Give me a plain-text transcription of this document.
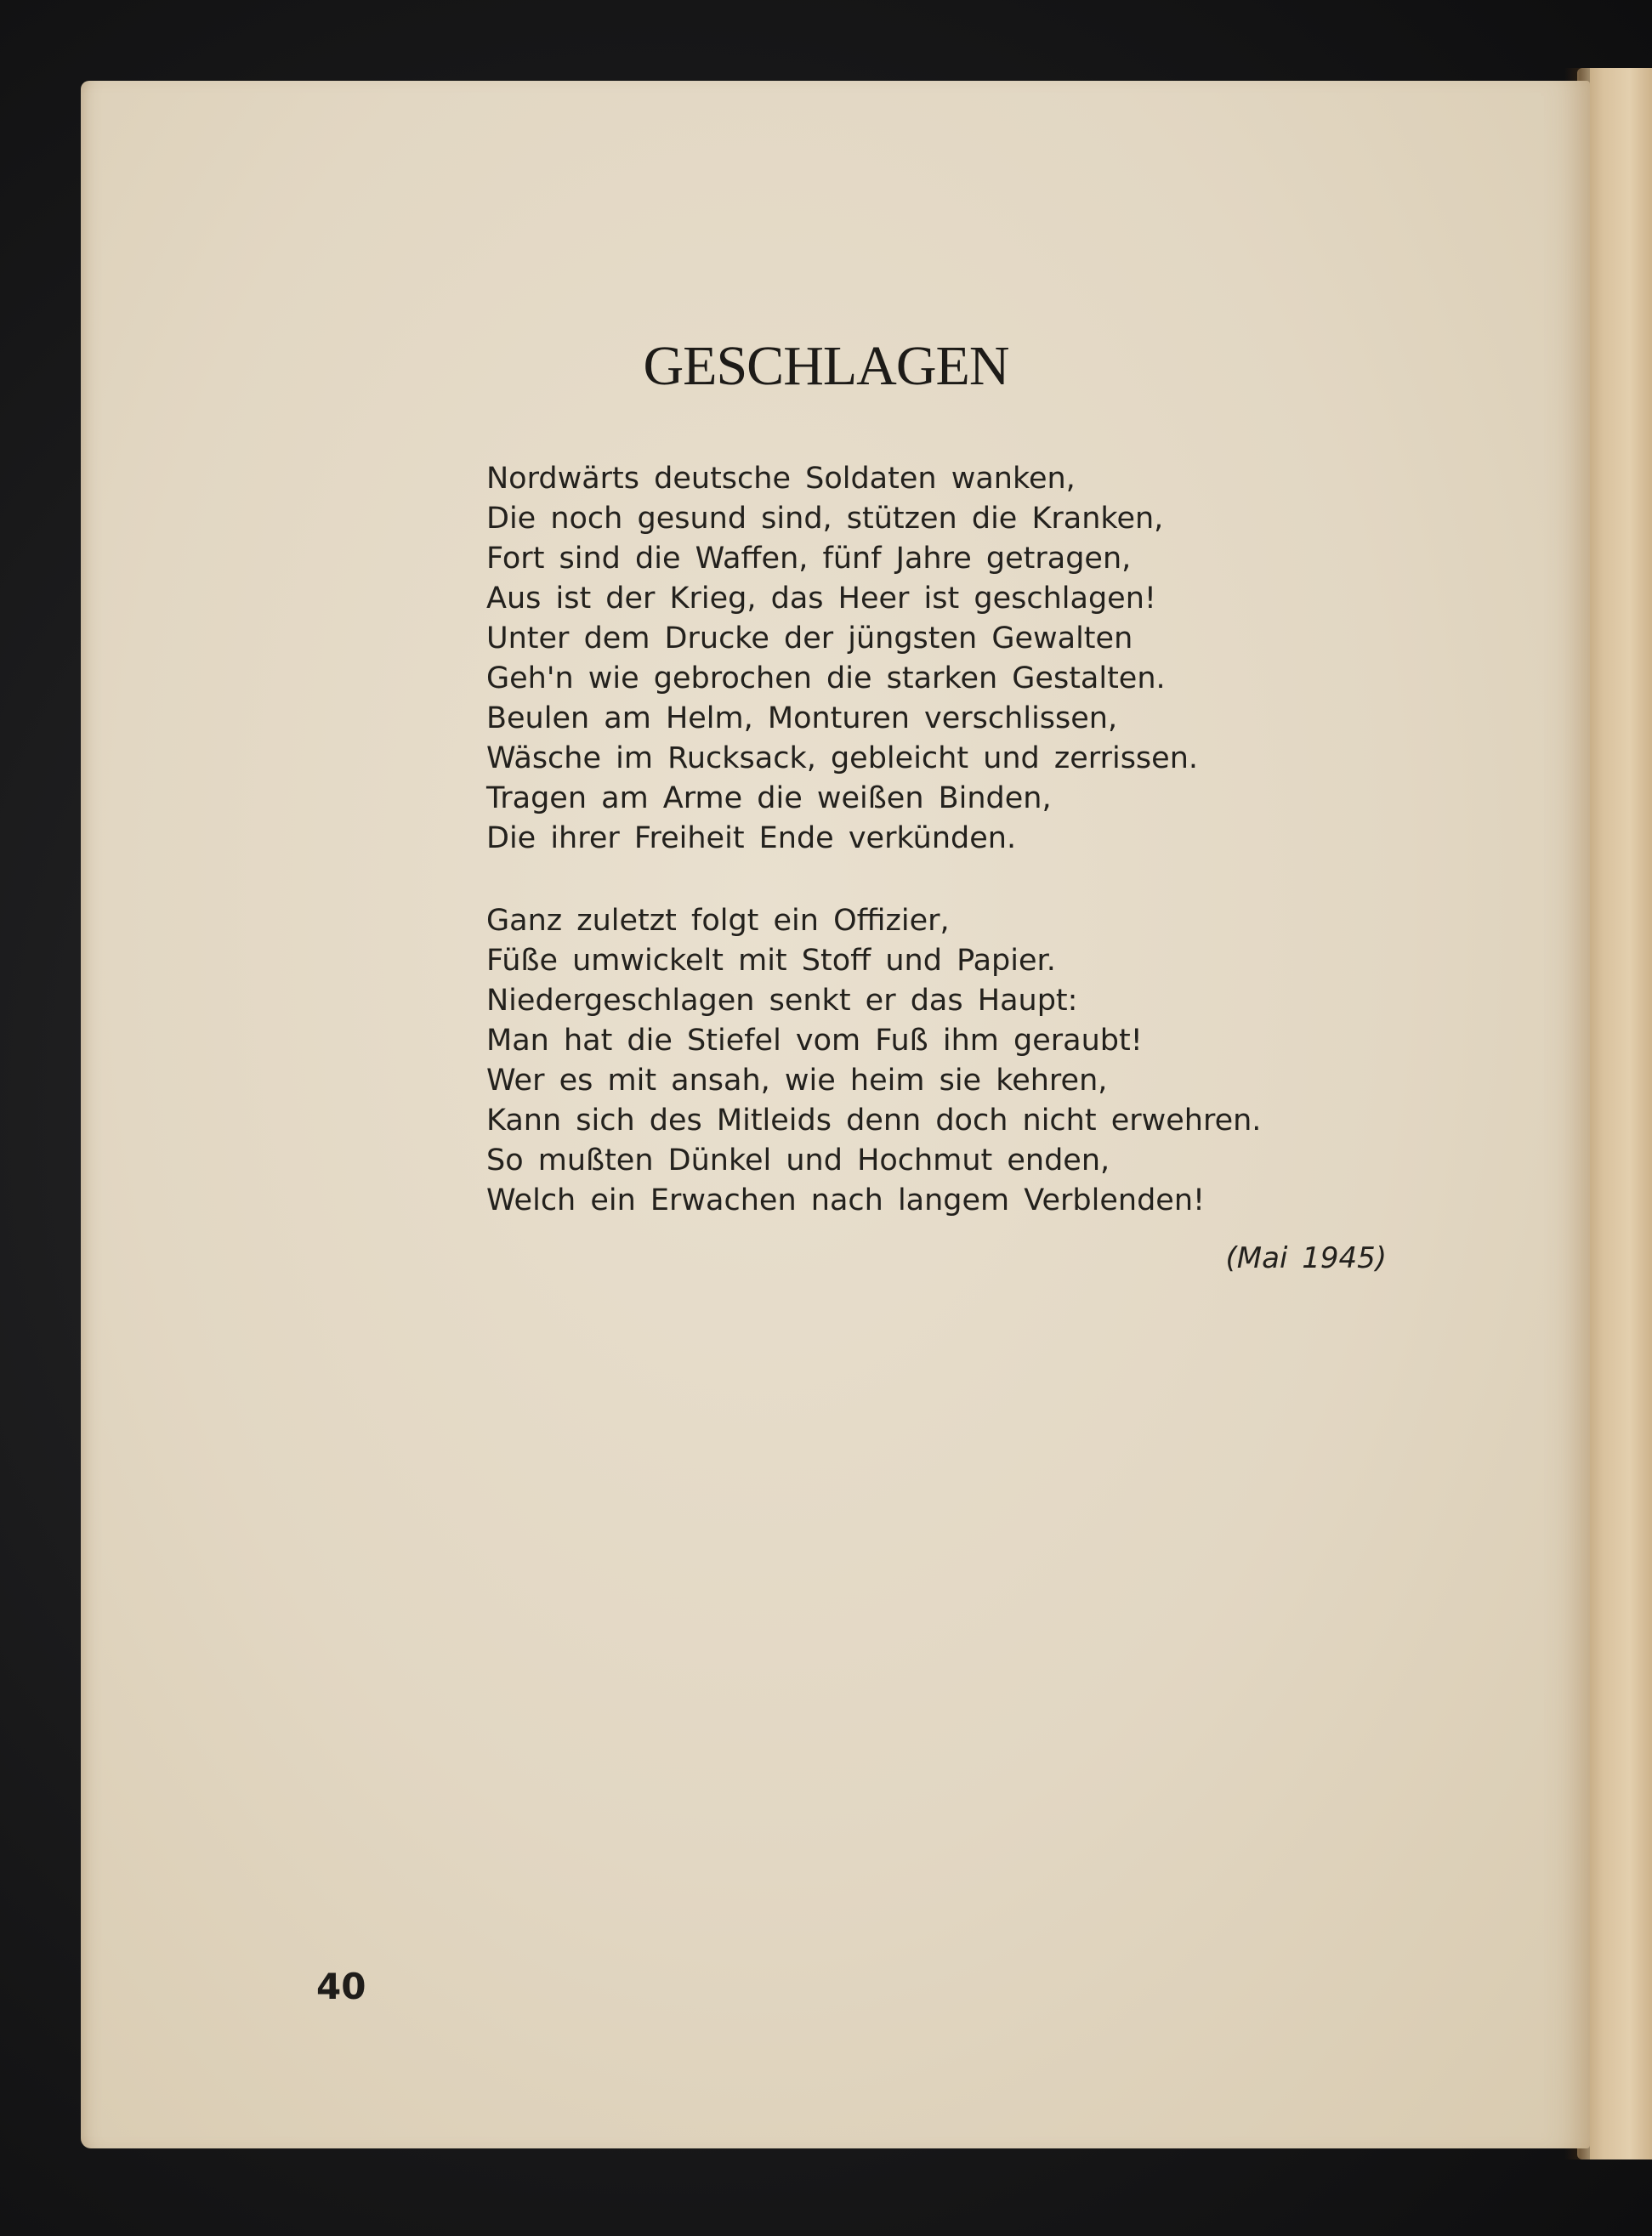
GESCHLAGEN
Nordwärts deutsche Soldaten wanken,
Die noch gesund sind, stützen die Kranken,
Fort sind die Waffen, fünf Jahre getragen,
Aus ist der Krieg, das Heer ist geschlagen!
Unter dem Drucke der jüngsten Gewalten
Geh'n wie gebrochen die starken Gestalten.
Beulen am Helm, Monturen verschlissen,
Wäsche im Rucksack, gebleicht und zerrissen.
Tragen am Arme die weißen Binden,
Die ihrer Freiheit Ende verkünden.
Ganz zuletzt folgt ein Offizier,
Füße umwickelt mit Stoff und Papier.
Niedergeschlagen senkt er das Haupt:
Man hat die Stiefel vom Fuß ihm geraubt!
Wer es mit ansah, wie heim sie kehren,
Kann sich des Mitleids denn doch nicht erwehren.
So mußten Dünkel und Hochmut enden,
Welch ein Erwachen nach langem Verblenden!
(Mai 1945)
40
